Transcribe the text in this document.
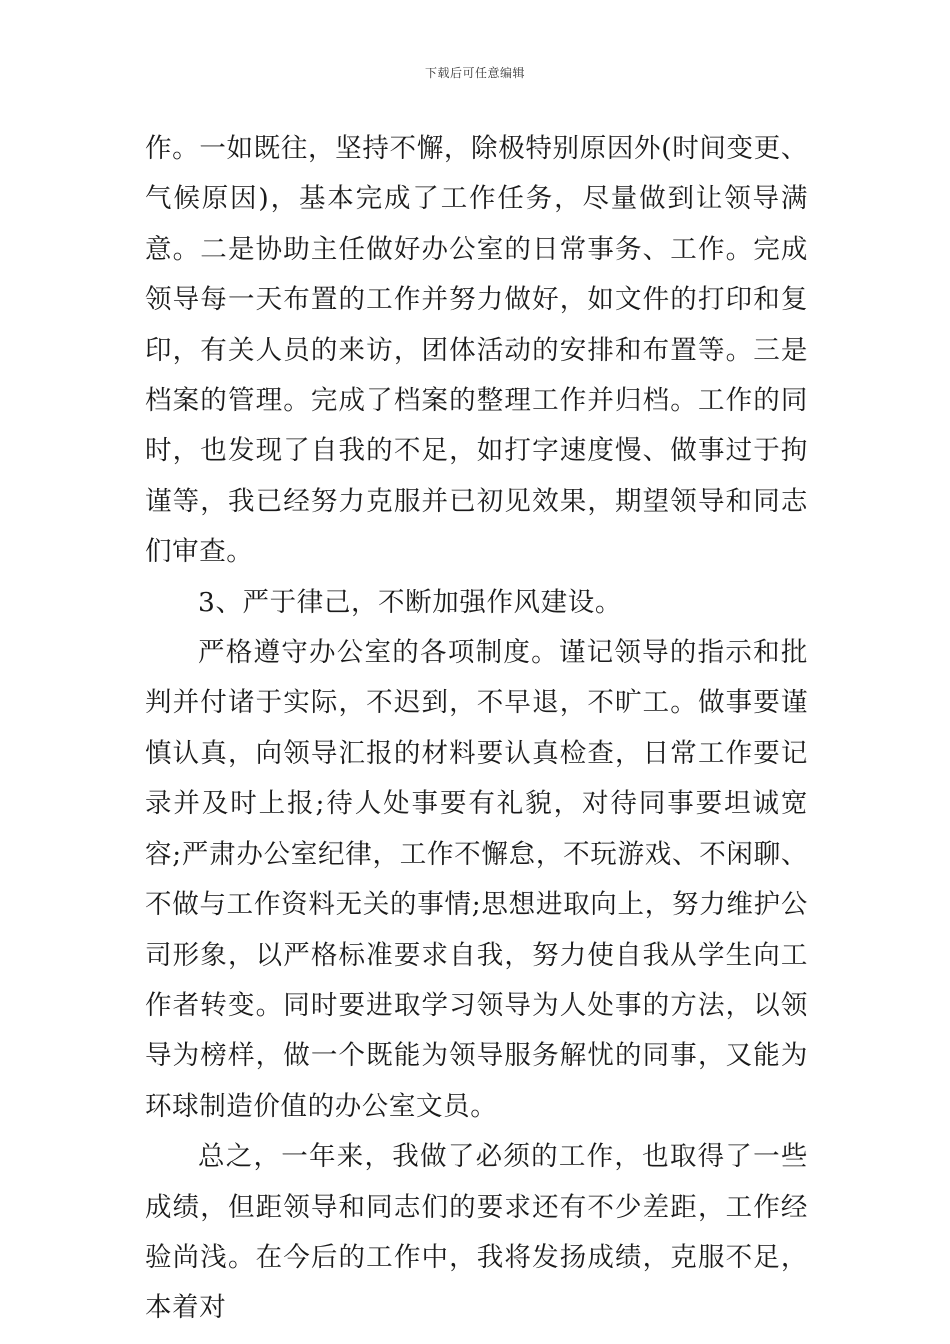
下载后可任意编辑

作。一如既往，坚持不懈，除极特别原因外(时间变更、气候原因)，基本完成了工作任务，尽量做到让领导满意。二是协助主任做好办公室的日常事务、工作。完成领导每一天布置的工作并努力做好，如文件的打印和复印，有关人员的来访，团体活动的安排和布置等。三是档案的管理。完成了档案的整理工作并归档。工作的同时，也发现了自我的不足，如打字速度慢、做事过于拘谨等，我已经努力克服并已初见效果，期望领导和同志们审查。

3、严于律己，不断加强作风建设。

严格遵守办公室的各项制度。谨记领导的指示和批判并付诸于实际，不迟到，不早退，不旷工。做事要谨慎认真，向领导汇报的材料要认真检查，日常工作要记录并及时上报;待人处事要有礼貌，对待同事要坦诚宽容;严肃办公室纪律，工作不懈怠，不玩游戏、不闲聊、不做与工作资料无关的事情;思想进取向上，努力维护公司形象，以严格标准要求自我，努力使自我从学生向工作者转变。同时要进取学习领导为人处事的方法，以领导为榜样，做一个既能为领导服务解忧的同事，又能为环球制造价值的办公室文员。

总之，一年来，我做了必须的工作，也取得了一些成绩，但距领导和同志们的要求还有不少差距，工作经验尚浅。在今后的工作中，我将发扬成绩，克服不足，本着对
